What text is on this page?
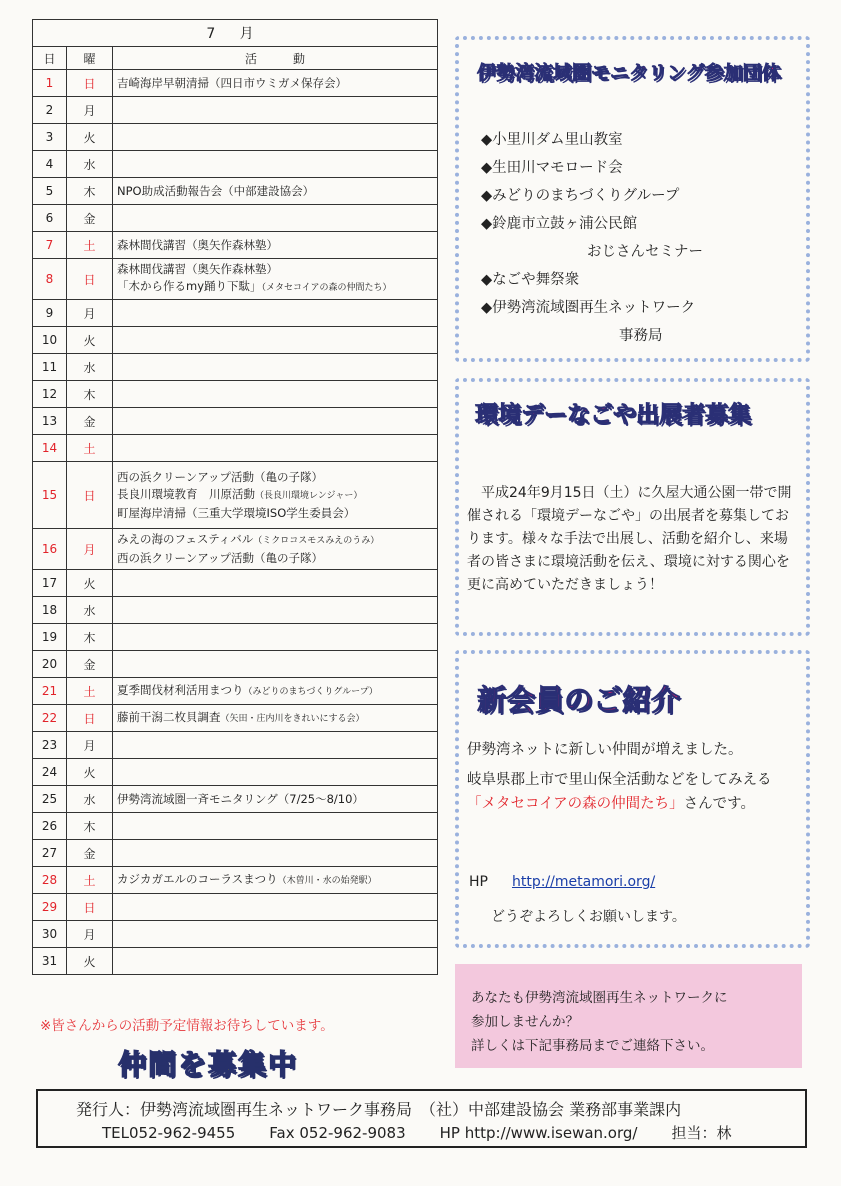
7 月		
日	曜	活　　　動
1	日	吉崎海岸早朝清掃（四日市ウミガメ保存会）

2	月	
3	火	
4	水	
5	木	NPO助成活動報告会（中部建設協会）

6	金	
7	土	森林間伐講習（奥矢作森林塾）

8	日	森林間伐講習（奥矢作森林塾）
「木から作るmy踊り下駄」（メタセコイアの森の仲間たち）

9	月	
10	火	
11	水	
12	木	
13	金	
14	土	
15	日	西の浜クリーンアップ活動（亀の子隊）
長良川環境教育　川原活動（長良川環境レンジャー）
町屋海岸清掃（三重大学環境ISO学生委員会）

16	月	みえの海のフェスティバル（ミクロコスモスみえのうみ）
西の浜クリーンアップ活動（亀の子隊）

17	火	
18	水	
19	木	
20	金	
21	土	夏季間伐材利活用まつり（みどりのまちづくりグループ）

22	日	藤前干潟二枚貝調査（矢田・庄内川をきれいにする会）

23	月	
24	火	
25	水	伊勢湾流域圏一斉モニタリング（7/25～8/10）

26	木	
27	金	
28	土	カジカガエルのコーラスまつり（木曽川・水の始発駅）

29	日	
30	月	
31	火	
※皆さんからの活動予定情報お待ちしています。
仲間を募集中
伊勢湾流域圏モニタリング参加団体
◆小里川ダム里山教室
◆生田川マモロード会
◆みどりのまちづくりグループ
◆鈴鹿市立鼓ヶ浦公民館
おじさんセミナー
◆なごや舞祭衆
◆伊勢湾流域圏再生ネットワーク
事務局
環境デーなごや出展者募集
平成24年9月15日（土）に久屋大通公園一帯で開催される「環境デーなごや」の出展者を募集しております。様々な手法で出展し、活動を紹介し、来場者の皆さまに環境活動を伝え、環境に対する関心を更に高めていただきましょう！
新会員のご紹介
伊勢湾ネットに新しい仲間が増えました。
岐阜県郡上市で里山保全活動などをしてみえる「メタセコイアの森の仲間たち」さんです。
HP http://metamori.org/
どうぞよろしくお願いします。

あなたも伊勢湾流域圏再生ネットワークに
参加しませんか？
詳しくは下記事務局までご連絡下さい。

発行人：伊勢湾流域圏再生ネットワーク事務局　（社）中部建設協会 業務部事業課内
TEL052-962-9455 Fax 052-962-9083 HP http://www.isewan.org/ 担当：林
